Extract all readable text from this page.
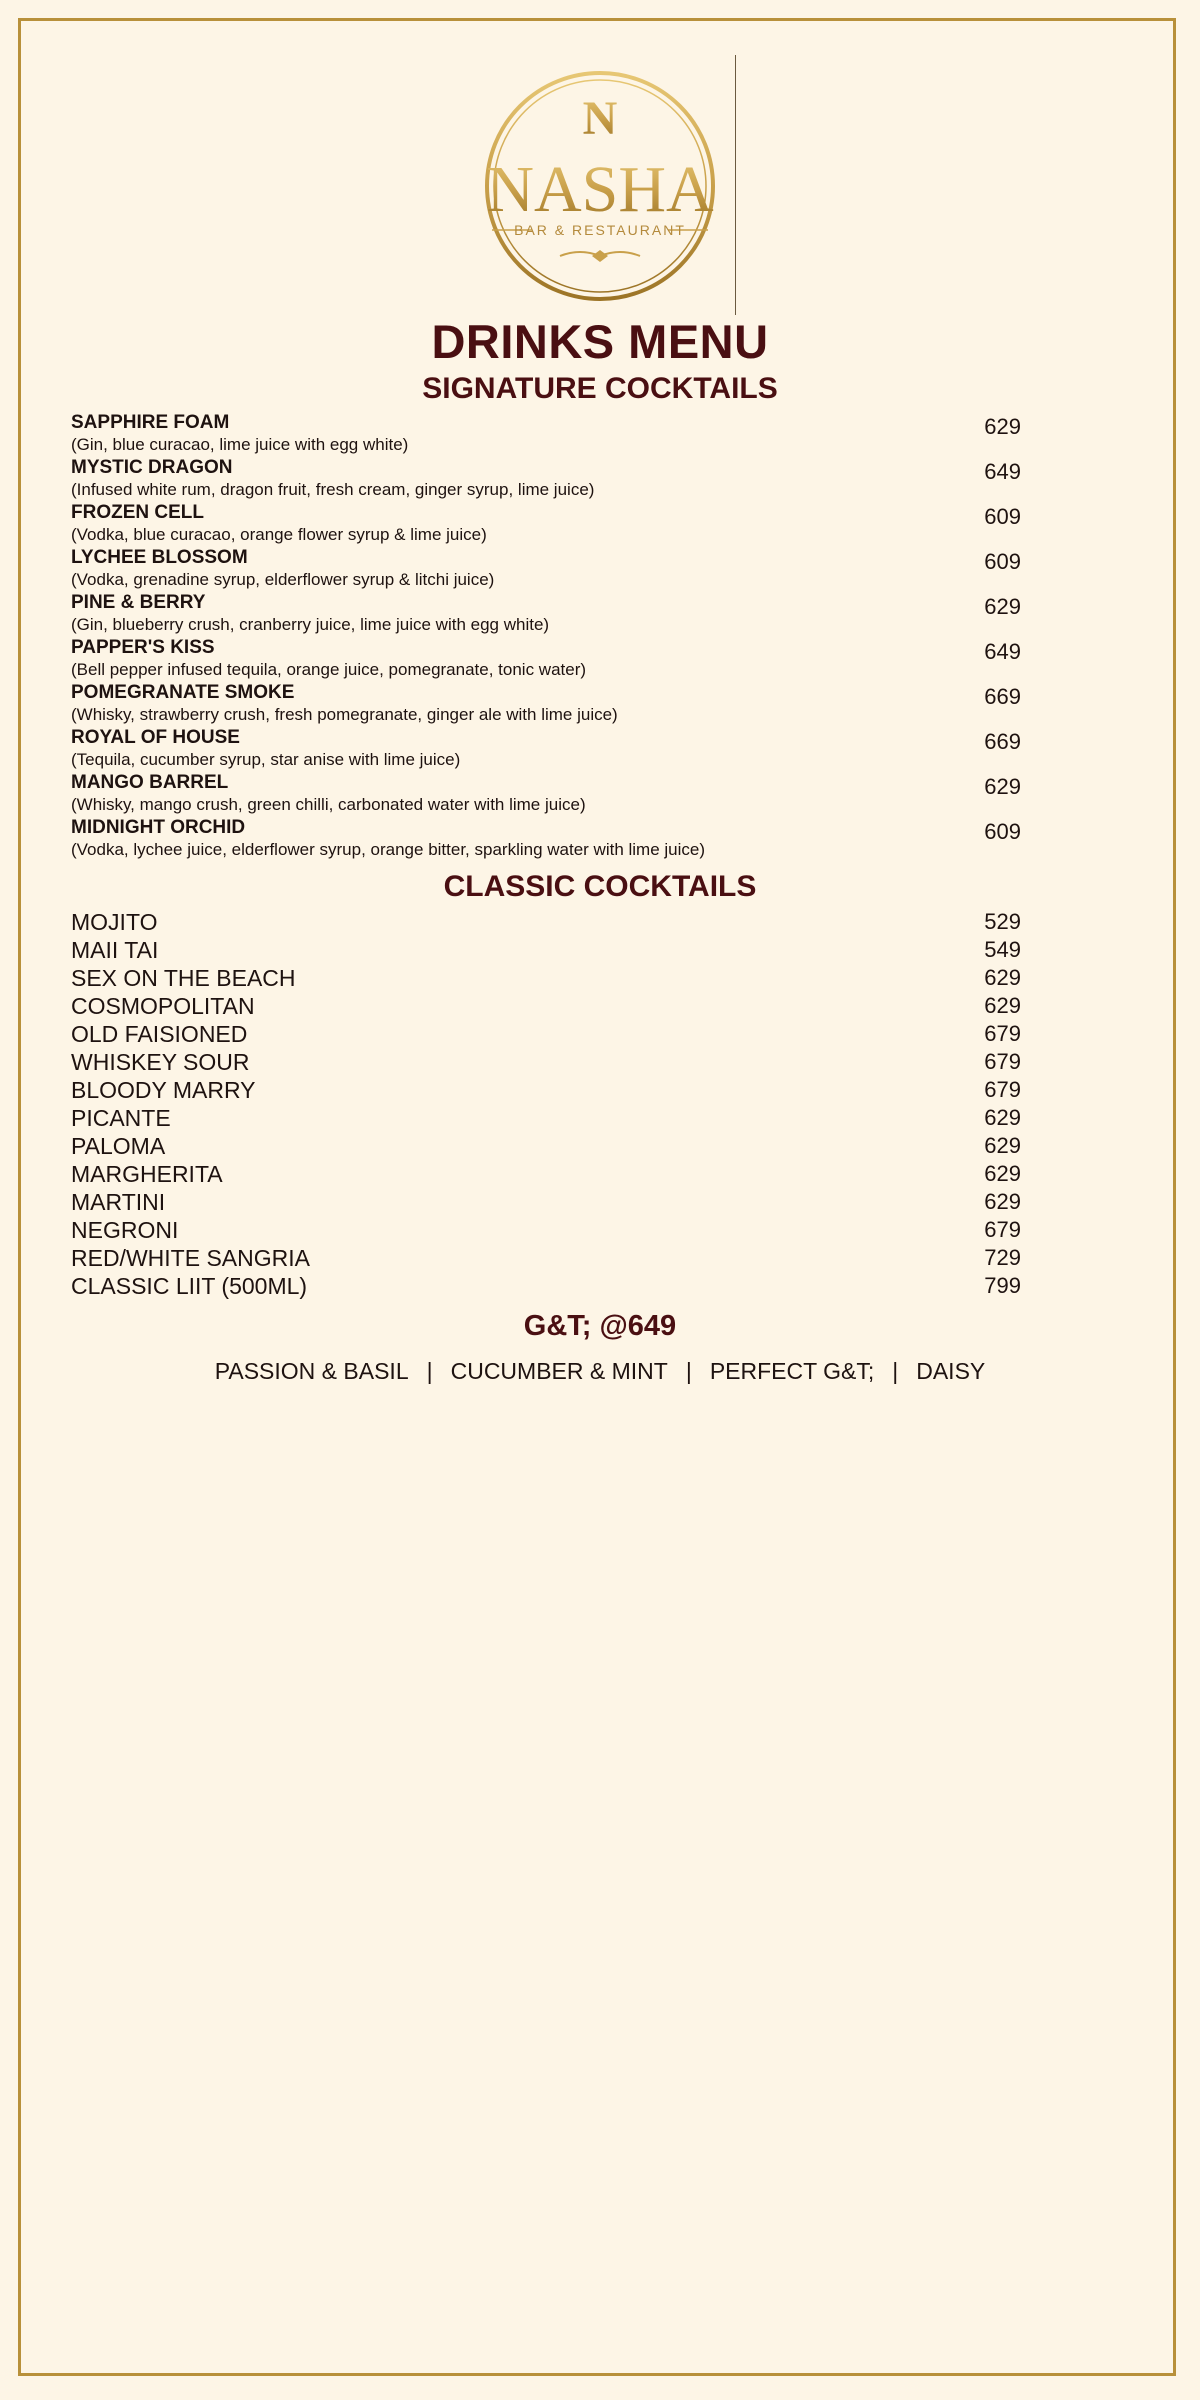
N
NASHA
BAR & RESTAURANT
DRINKS MENU
SIGNATURE COCKTAILS
SAPPHIRE FOAM
(Gin, blue curacao, lime juice with egg white)
629
MYSTIC DRAGON
(Infused white rum, dragon fruit, fresh cream, ginger syrup, lime juice)
649
FROZEN CELL
(Vodka, blue curacao, orange flower syrup & lime juice)
609
LYCHEE BLOSSOM
(Vodka, grenadine syrup, elderflower syrup & litchi juice)
609
PINE & BERRY
(Gin, blueberry crush, cranberry juice, lime juice with egg white)
629
PAPPER'S KISS
(Bell pepper infused tequila, orange juice, pomegranate, tonic water)
649
POMEGRANATE SMOKE
(Whisky, strawberry crush, fresh pomegranate, ginger ale with lime juice)
669
ROYAL OF HOUSE
(Tequila, cucumber syrup, star anise with lime juice)
669
MANGO BARREL
(Whisky, mango crush, green chilli, carbonated water with lime juice)
629
MIDNIGHT ORCHID
(Vodka, lychee juice, elderflower syrup, orange bitter, sparkling water with lime juice)
609
CLASSIC COCKTAILS
MOJITO	529
MAII TAI	549
SEX ON THE BEACH	629
COSMOPOLITAN	629
OLD FAISIONED	679
WHISKEY SOUR	679
BLOODY MARRY	679
PICANTE	629
PALOMA	629
MARGHERITA	629
MARTINI	629
NEGRONI	679
RED/WHITE SANGRIA	729
CLASSIC LIIT (500ML)	799
G&T; @649
PASSION & BASIL | CUCUMBER & MINT | PERFECT G&T; | DAISY
